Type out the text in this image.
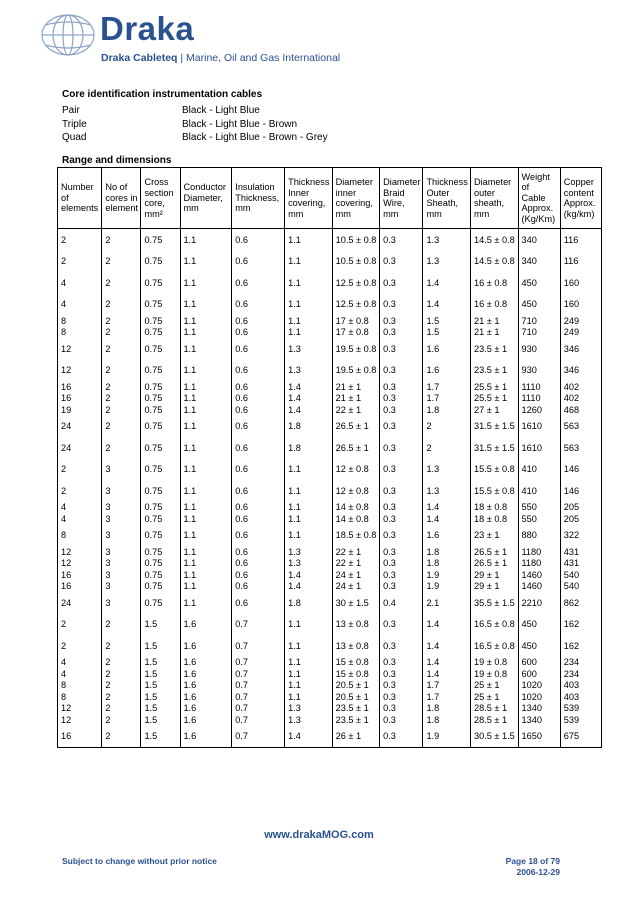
Draka
Draka Cableteq | Marine, Oil and Gas International
Core identification instrumentation cables
Pair	Black - Light Blue
Triple	Black - Light Blue - Brown
Quad	Black - Light Blue - Brown - Grey
Range and dimensions
Number
of
elements	No of
cores in
element	Cross
section
core,
mm²	Conductor
Diameter,
mm	Insulation
Thickness,
mm	Thickness
Inner
covering,
mm	Diameter
inner
covering,
mm	Diameter
Braid
Wire,
mm	Thickness
Outer
Sheath,
mm	Diameter
outer
sheath,
mm	Weight
of
Cable
Approx.
(Kg/Km)	Copper
content
Approx.
(kg/km)
2	2	0.75	1.1	0.6	1.1	10.5 ± 0.8	0.3	1.3	14.5 ± 0.8	340	116
2	2	0.75	1.1	0.6	1.1	10.5 ± 0.8	0.3	1.3	14.5 ± 0.8	340	116
4	2	0.75	1.1	0.6	1.1	12.5 ± 0.8	0.3	1.4	16 ± 0.8	450	160
4	2	0.75	1.1	0.6	1.1	12.5 ± 0.8	0.3	1.4	16 ± 0.8	450	160
8	2	0.75	1.1	0.6	1.1	17 ± 0.8	0.3	1.5	21 ± 1	710	249
8	2	0.75	1.1	0.6	1.1	17 ± 0.8	0.3	1.5	21 ± 1	710	249
12	2	0.75	1.1	0.6	1.3	19.5 ± 0.8	0.3	1.6	23.5 ± 1	930	346
12	2	0.75	1.1	0.6	1.3	19.5 ± 0.8	0.3	1.6	23.5 ± 1	930	346
16	2	0.75	1.1	0.6	1.4	21 ± 1	0.3	1.7	25.5 ± 1	1110	402
16	2	0.75	1.1	0.6	1.4	21 ± 1	0.3	1.7	25.5 ± 1	1110	402
19	2	0.75	1.1	0.6	1.4	22 ± 1	0.3	1.8	27 ± 1	1260	468
24	2	0.75	1.1	0.6	1.8	26.5 ± 1	0.3	2	31.5 ± 1.5	1610	563
24	2	0.75	1.1	0.6	1.8	26.5 ± 1	0.3	2	31.5 ± 1.5	1610	563
2	3	0.75	1.1	0.6	1.1	12 ± 0.8	0.3	1.3	15.5 ± 0.8	410	146
2	3	0.75	1.1	0.6	1.1	12 ± 0.8	0.3	1.3	15.5 ± 0.8	410	146
4	3	0.75	1.1	0.6	1.1	14 ± 0.8	0.3	1.4	18 ± 0.8	550	205
4	3	0.75	1.1	0.6	1.1	14 ± 0.8	0.3	1.4	18 ± 0.8	550	205
8	3	0.75	1.1	0.6	1.1	18.5 ± 0.8	0.3	1.6	23 ± 1	880	322
12	3	0.75	1.1	0.6	1.3	22 ± 1	0.3	1.8	26.5 ± 1	1180	431
12	3	0.75	1.1	0.6	1.3	22 ± 1	0.3	1.8	26.5 ± 1	1180	431
16	3	0.75	1.1	0.6	1.4	24 ± 1	0.3	1.9	29 ± 1	1460	540
16	3	0.75	1.1	0.6	1.4	24 ± 1	0.3	1.9	29 ± 1	1460	540
24	3	0.75	1.1	0.6	1.8	30 ± 1.5	0.4	2.1	35.5 ± 1.5	2210	862
2	2	1.5	1.6	0.7	1.1	13 ± 0.8	0.3	1.4	16.5 ± 0.8	450	162
2	2	1.5	1.6	0.7	1.1	13 ± 0.8	0.3	1.4	16.5 ± 0.8	450	162
4	2	1.5	1.6	0.7	1.1	15 ± 0.8	0.3	1.4	19 ± 0.8	600	234
4	2	1.5	1.6	0.7	1.1	15 ± 0.8	0.3	1.4	19 ± 0.8	600	234
8	2	1.5	1.6	0.7	1.1	20.5 ± 1	0.3	1.7	25 ± 1	1020	403
8	2	1.5	1.6	0.7	1.1	20.5 ± 1	0.3	1.7	25 ± 1	1020	403
12	2	1.5	1.6	0.7	1.3	23.5 ± 1	0.3	1.8	28.5 ± 1	1340	539
12	2	1.5	1.6	0.7	1.3	23.5 ± 1	0.3	1.8	28.5 ± 1	1340	539
16	2	1.5	1.6	0.7	1.4	26 ± 1	0.3	1.9	30.5 ± 1.5	1650	675
www.drakaMOG.com
Subject to change without prior notice	Page 18 of 79
2006-12-29
